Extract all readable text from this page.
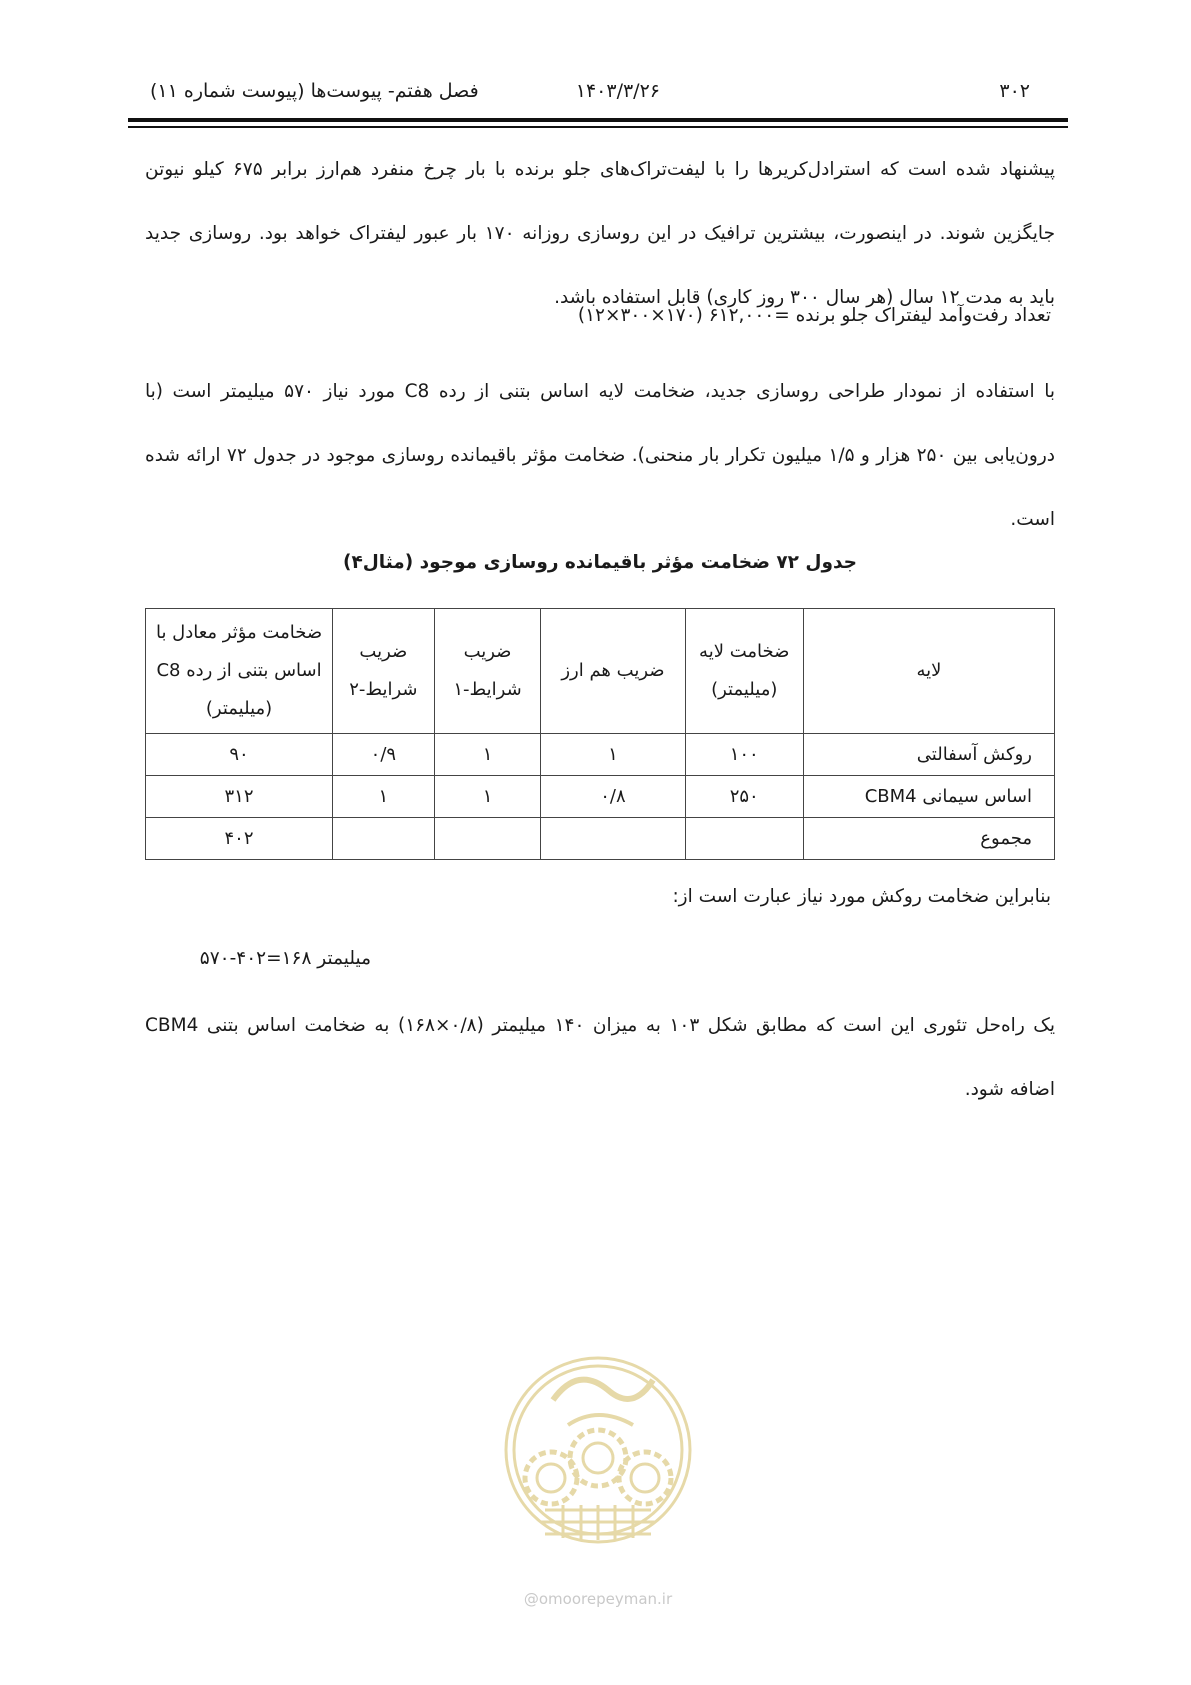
۳۰۲
۱۴۰۳/۳/۲۶
فصل هفتم- پیوست‌ها (پیوست شماره ۱۱)
پیشنهاد شده است که استرادل‌کریرها را با لیفت‌تراک‌های جلو برنده با بار چرخ منفرد هم‌ارز برابر ۶۷۵ کیلو نیوتن جایگزین شوند. در اینصورت، بیشترین ترافیک در این روسازی روزانه ۱۷۰ بار عبور لیفتراک خواهد بود. روسازی جدید باید به مدت ۱۲ سال (هر سال ۳۰۰ روز کاری) قابل استفاده باشد.
تعداد رفت‌وآمد لیفتراک جلو برنده =۶۱۲,۰۰۰ (۱۷۰×۳۰۰×۱۲)
با استفاده از نمودار طراحی روسازی جدید، ضخامت لایه اساس بتنی از رده C8 مورد نیاز ۵۷۰ میلیمتر است (با درون‌یابی بین ۲۵۰ هزار و ۱/۵ میلیون تکرار بار منحنی). ضخامت مؤثر باقیمانده روسازی موجود در جدول ۷۲ ارائه شده است.
جدول ۷۲ ضخامت مؤثر باقیمانده روسازی موجود (مثال۴)
لایه	ضخامت لایه (میلیمتر)	ضریب هم ارز	ضریب شرایط-۱	ضریب شرایط-۲	ضخامت مؤثر معادل با اساس بتنی از رده C8 (میلیمتر)
روکش آسفالتی	۱۰۰	۱	۱	۰/۹	۹۰
اساس سیمانی CBM4	۲۵۰	۰/۸	۱	۱	۳۱۲
مجموع					۴۰۲
بنابراین ضخامت روکش مورد نیاز عبارت است از:
میلیمتر ۱۶۸=۴۰۲-۵۷۰
یک راه‌حل تئوری این است که مطابق شکل ۱۰۳ به میزان ۱۴۰ میلیمتر (۰/۸×۱۶۸) به ضخامت اساس بتنی CBM4 اضافه شود.
@omoorepeyman.ir
